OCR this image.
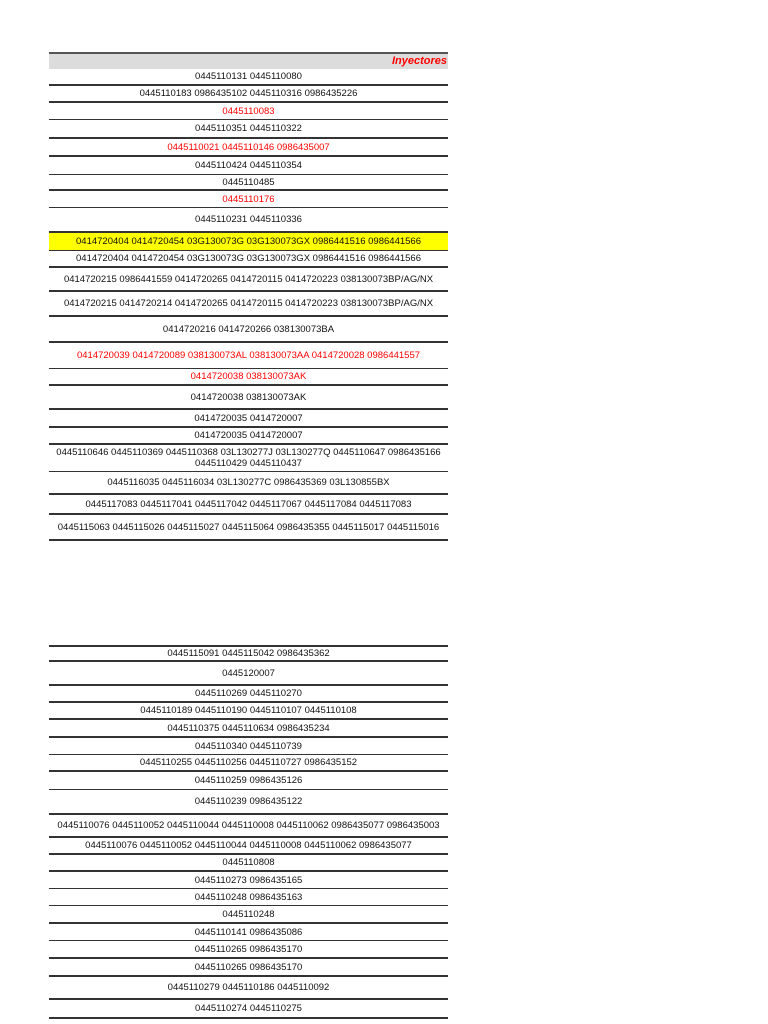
Inyectores
0445110131 0445110080
0445110183 0986435102 0445110316 0986435226
0445110083
0445110351 0445110322
0445110021 0445110146 0986435007
0445110424 0445110354
0445110485
0445110176
0445110231 0445110336
0414720404 0414720454 03G130073G 03G130073GX 0986441516 0986441566
0414720404 0414720454 03G130073G 03G130073GX 0986441516 0986441566
0414720215 0986441559 0414720265 0414720115 0414720223 038130073BP/AG/NX
0414720215 0414720214 0414720265 0414720115 0414720223 038130073BP/AG/NX
0414720216 0414720266 038130073BA
0414720039 0414720089 038130073AL 038130073AA 0414720028 0986441557
0414720038 038130073AK
0414720038 038130073AK
0414720035 0414720007
0414720035 0414720007
0445110646 0445110369 0445110368 03L130277J 03L130277Q 0445110647 0986435166 0445110429 0445110437
0445116035 0445116034 03L130277C 0986435369 03L130855BX
0445117083 0445117041 0445117042 0445117067 0445117084 0445117083
0445115063 0445115026 0445115027 0445115064 0986435355 0445115017 0445115016
0445115091 0445115042 0986435362
0445120007
0445110269 0445110270
0445110189 0445110190 0445110107 0445110108
0445110375 0445110634 0986435234
0445110340 0445110739
0445110255 0445110256 0445110727 0986435152
0445110259 0986435126
0445110239 0986435122
0445110076 0445110052 0445110044 0445110008 0445110062 0986435077 0986435003
0445110076 0445110052 0445110044 0445110008 0445110062 0986435077
0445110808
0445110273 0986435165
0445110248 0986435163
0445110248
0445110141 0986435086
0445110265 0986435170
0445110265 0986435170
0445110279 0445110186 0445110092
0445110274 0445110275
